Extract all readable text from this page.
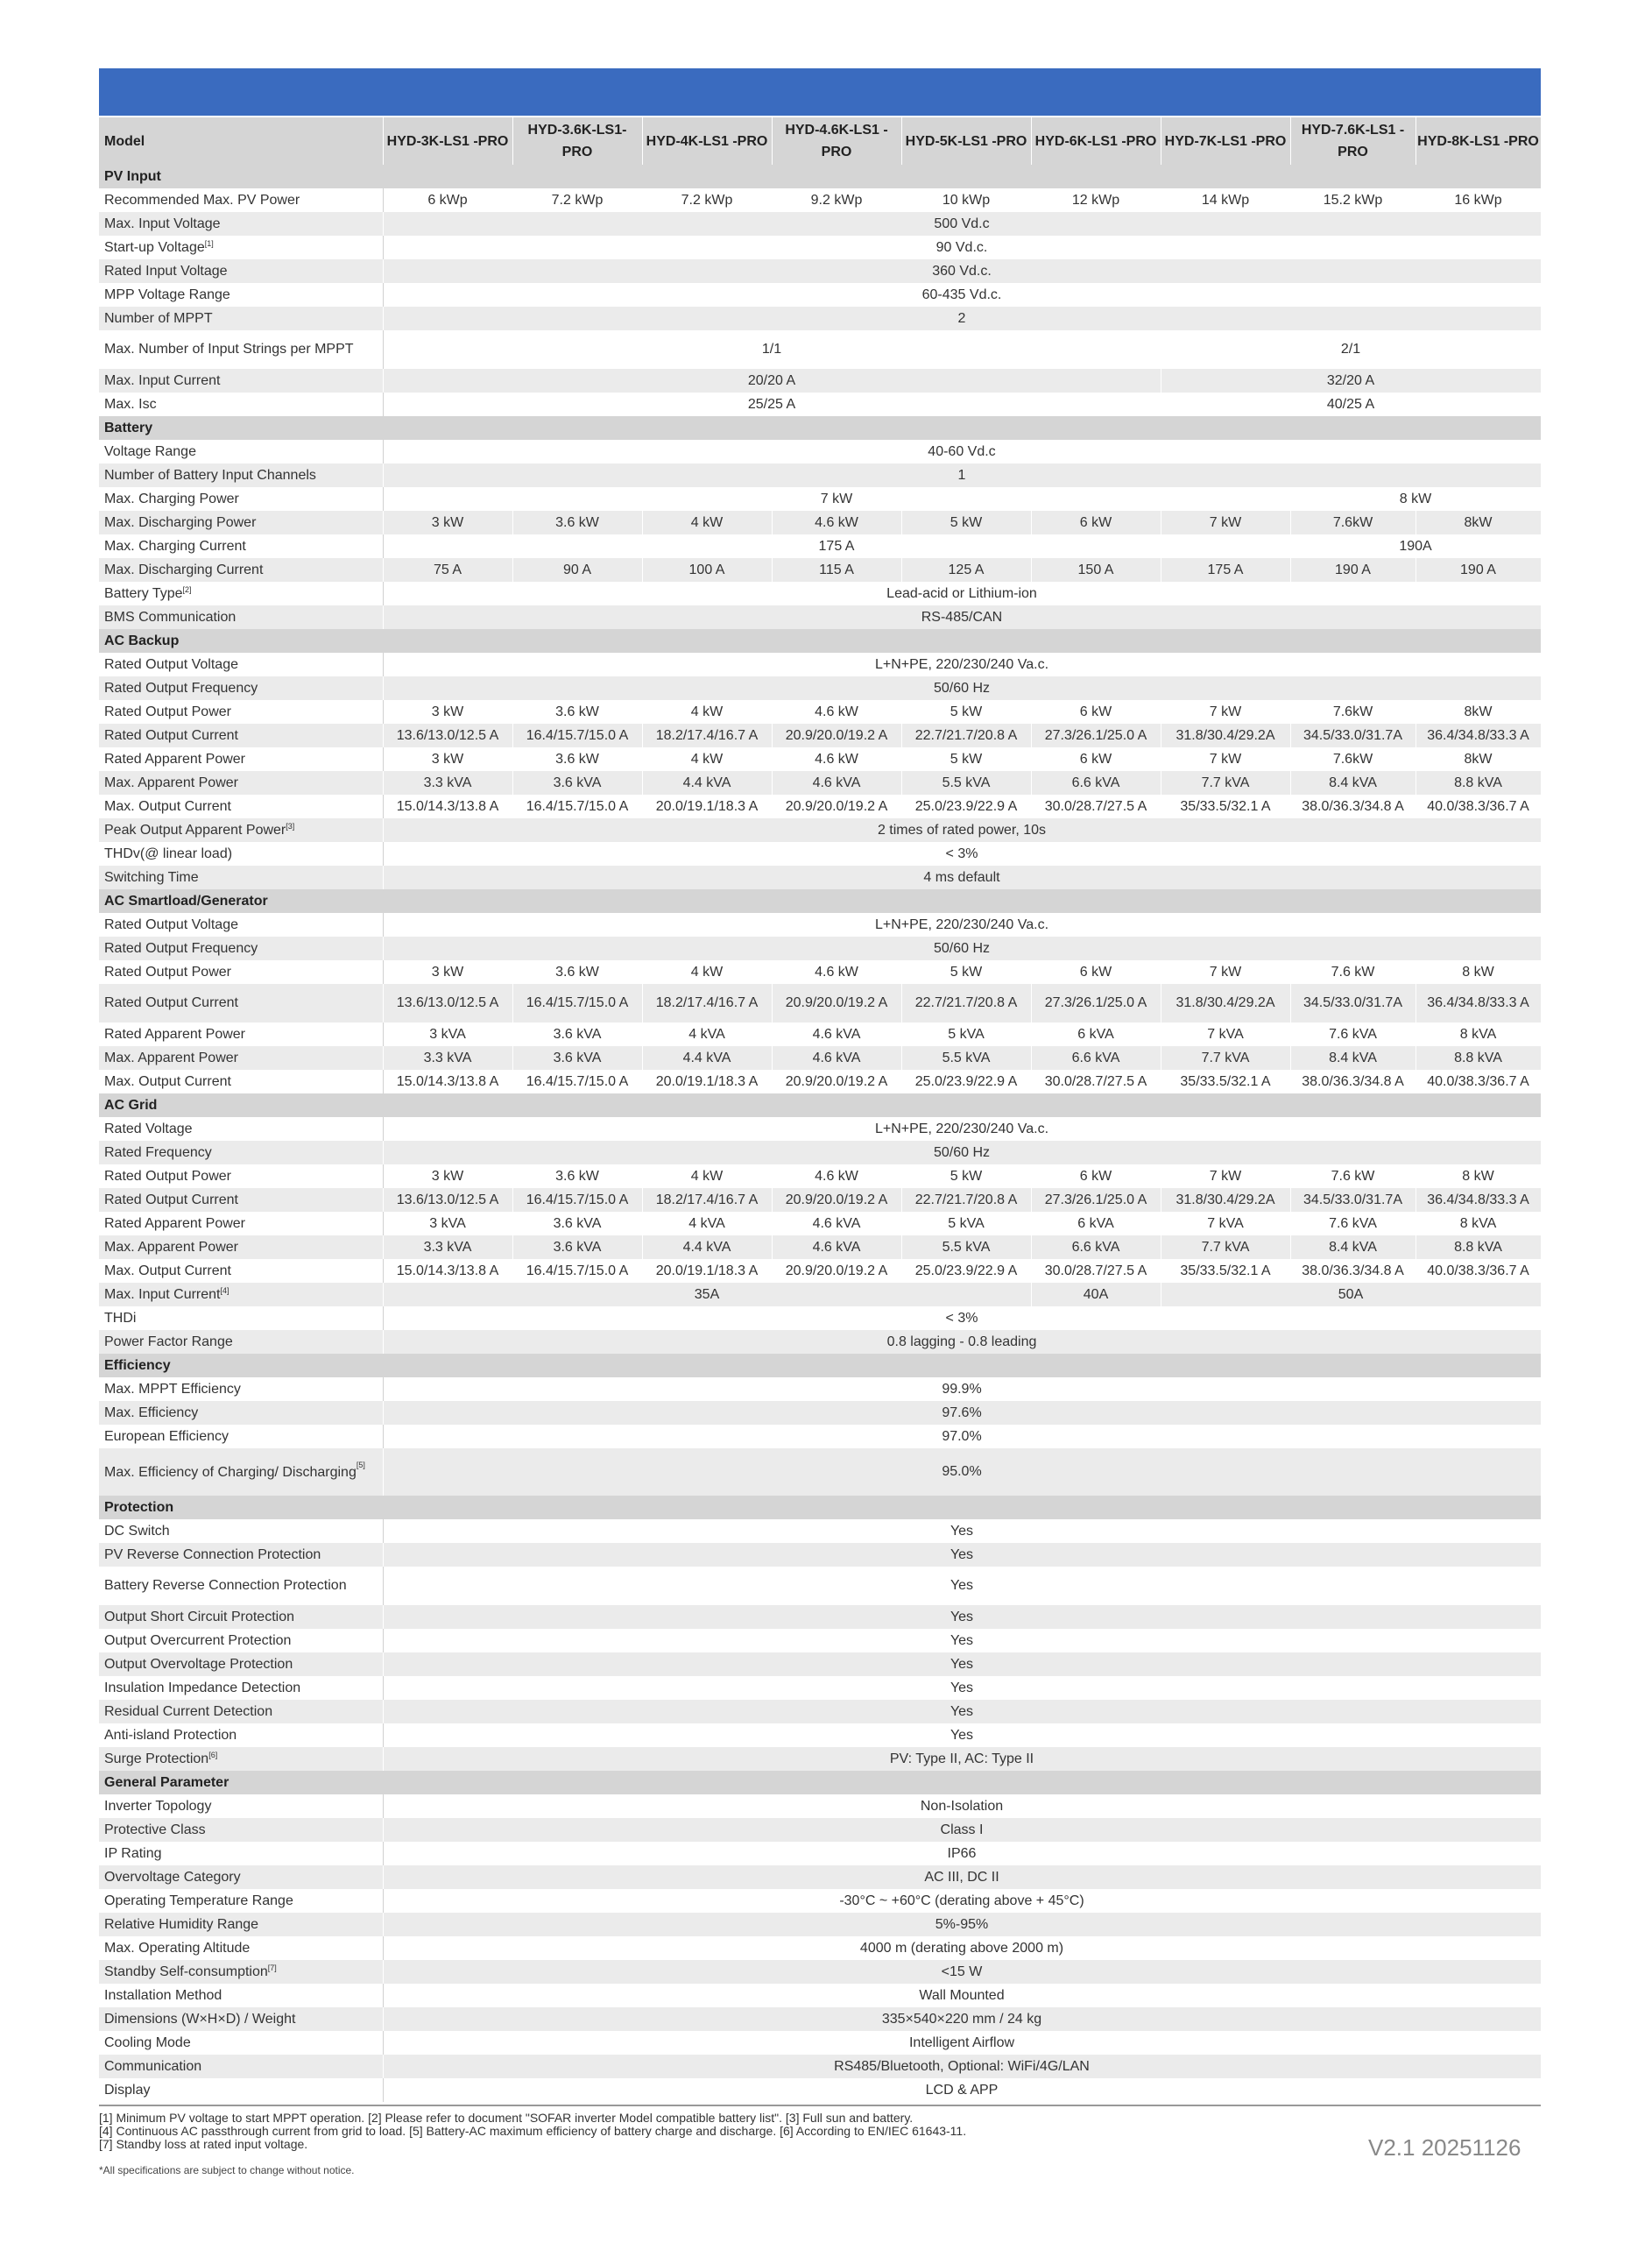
Model	HYD-3K-LS1 -PRO	HYD-3.6K-LS1- PRO	HYD-4K-LS1 -PRO	HYD-4.6K-LS1 -PRO	HYD-5K-LS1 -PRO	HYD-6K-LS1 -PRO	HYD-7K-LS1 -PRO	HYD-7.6K-LS1 -PRO	HYD-8K-LS1 -PRO
PV Input									
Recommended Max. PV Power	6 kWp	7.2 kWp	7.2 kWp	9.2 kWp	10 kWp	12 kWp	14 kWp	15.2 kWp	16 kWp
Max. Input Voltage	500 Vd.c								
Start-up Voltage[1]	90 Vd.c.								
Rated Input Voltage	360 Vd.c.								
MPP Voltage Range	60-435 Vd.c.								
Number of MPPT	2								
Max. Number of Input Strings per MPPT	1/1						2/1		
Max. Input Current	20/20 A						32/20 A		
Max. Isc	25/25 A						40/25 A		
Battery									
Voltage Range	40-60 Vd.c								
Number of Battery Input Channels	1								
Max. Charging Power	7 kW							8 kW	
Max. Discharging Power	3 kW	3.6 kW	4 kW	4.6 kW	5 kW	6 kW	7 kW	7.6kW	8kW
Max. Charging Current	175 A							190A	
Max. Discharging Current	75 A	90 A	100 A	115 A	125 A	150 A	175 A	190 A	190 A
Battery Type[2]	Lead-acid or Lithium-ion								
BMS Communication	RS-485/CAN								
AC Backup									
Rated Output Voltage	L+N+PE, 220/230/240 Va.c.								
Rated Output Frequency	50/60 Hz								
Rated Output Power	3 kW	3.6 kW	4 kW	4.6 kW	5 kW	6 kW	7 kW	7.6kW	8kW
Rated Output Current	13.6/13.0/12.5 A	16.4/15.7/15.0 A	18.2/17.4/16.7 A	20.9/20.0/19.2 A	22.7/21.7/20.8 A	27.3/26.1/25.0 A	31.8/30.4/29.2A	34.5/33.0/31.7A	36.4/34.8/33.3 A
Rated Apparent Power	3 kW	3.6 kW	4 kW	4.6 kW	5 kW	6 kW	7 kW	7.6kW	8kW
Max. Apparent Power	3.3 kVA	3.6 kVA	4.4 kVA	4.6 kVA	5.5 kVA	6.6 kVA	7.7 kVA	8.4 kVA	8.8 kVA
Max. Output Current	15.0/14.3/13.8 A	16.4/15.7/15.0 A	20.0/19.1/18.3 A	20.9/20.0/19.2 A	25.0/23.9/22.9 A	30.0/28.7/27.5 A	35/33.5/32.1 A	38.0/36.3/34.8 A	40.0/38.3/36.7 A
Peak Output Apparent Power[3]	2 times of rated power, 10s								
THDv(@ linear load)	< 3%								
Switching Time	4 ms default								
AC Smartload/Generator									
Rated Output Voltage	L+N+PE, 220/230/240 Va.c.								
Rated Output Frequency	50/60 Hz								
Rated Output Power	3 kW	3.6 kW	4 kW	4.6 kW	5 kW	6 kW	7 kW	7.6 kW	8 kW
Rated Output Current	13.6/13.0/12.5 A	16.4/15.7/15.0 A	18.2/17.4/16.7 A	20.9/20.0/19.2 A	22.7/21.7/20.8 A	27.3/26.1/25.0 A	31.8/30.4/29.2A	34.5/33.0/31.7A	36.4/34.8/33.3 A
Rated Apparent Power	3 kVA	3.6 kVA	4 kVA	4.6 kVA	5 kVA	6 kVA	7 kVA	7.6 kVA	8 kVA
Max. Apparent Power	3.3 kVA	3.6 kVA	4.4 kVA	4.6 kVA	5.5 kVA	6.6 kVA	7.7 kVA	8.4 kVA	8.8 kVA
Max. Output Current	15.0/14.3/13.8 A	16.4/15.7/15.0 A	20.0/19.1/18.3 A	20.9/20.0/19.2 A	25.0/23.9/22.9 A	30.0/28.7/27.5 A	35/33.5/32.1 A	38.0/36.3/34.8 A	40.0/38.3/36.7 A
AC Grid									
Rated Voltage	L+N+PE, 220/230/240 Va.c.								
Rated Frequency	50/60 Hz								
Rated Output Power	3 kW	3.6 kW	4 kW	4.6 kW	5 kW	6 kW	7 kW	7.6 kW	8 kW
Rated Output Current	13.6/13.0/12.5 A	16.4/15.7/15.0 A	18.2/17.4/16.7 A	20.9/20.0/19.2 A	22.7/21.7/20.8 A	27.3/26.1/25.0 A	31.8/30.4/29.2A	34.5/33.0/31.7A	36.4/34.8/33.3 A
Rated Apparent Power	3 kVA	3.6 kVA	4 kVA	4.6 kVA	5 kVA	6 kVA	7 kVA	7.6 kVA	8 kVA
Max. Apparent Power	3.3 kVA	3.6 kVA	4.4 kVA	4.6 kVA	5.5 kVA	6.6 kVA	7.7 kVA	8.4 kVA	8.8 kVA
Max. Output Current	15.0/14.3/13.8 A	16.4/15.7/15.0 A	20.0/19.1/18.3 A	20.9/20.0/19.2 A	25.0/23.9/22.9 A	30.0/28.7/27.5 A	35/33.5/32.1 A	38.0/36.3/34.8 A	40.0/38.3/36.7 A
Max. Input Current[4]	35A					40A	50A		
THDi	< 3%								
Power Factor Range	0.8 lagging - 0.8 leading								
Efficiency									
Max. MPPT Efficiency	99.9%								
Max. Efficiency	97.6%								
European Efficiency	97.0%								
Max. Efficiency of Charging/ Discharging[5]	95.0%								
Protection									
DC Switch	Yes								
PV Reverse Connection Protection	Yes								
Battery Reverse Connection Protection	Yes								
Output Short Circuit Protection	Yes								
Output Overcurrent Protection	Yes								
Output Overvoltage Protection	Yes								
Insulation Impedance Detection	Yes								
Residual Current Detection	Yes								
Anti-island Protection	Yes								
Surge Protection[6]	PV: Type II, AC: Type II								
General Parameter									
Inverter Topology	Non-Isolation								
Protective Class	Class I								
IP Rating	IP66								
Overvoltage Category	AC III, DC II								
Operating Temperature Range	-30°C ~ +60°C (derating above + 45°C)								
Relative Humidity Range	5%-95%								
Max. Operating Altitude	4000 m (derating above 2000 m)								
Standby Self-consumption[7]	<15 W								
Installation Method	Wall Mounted								
Dimensions (W×H×D) / Weight	335×540×220 mm / 24 kg								
Cooling Mode	Intelligent Airflow								
Communication	RS485/Bluetooth, Optional: WiFi/4G/LAN								
Display	LCD & APP								
[1] Minimum PV voltage to start MPPT operation. [2] Please refer to document "SOFAR inverter Model compatible battery list". [3] Full sun and battery.
[4] Continuous AC passthrough current from grid to load. [5] Battery-AC maximum efficiency of battery charge and discharge. [6] According to EN/IEC 61643-11.
[7] Standby loss at rated input voltage.
*All specifications are subject to change without notice.
V2.1 20251126
